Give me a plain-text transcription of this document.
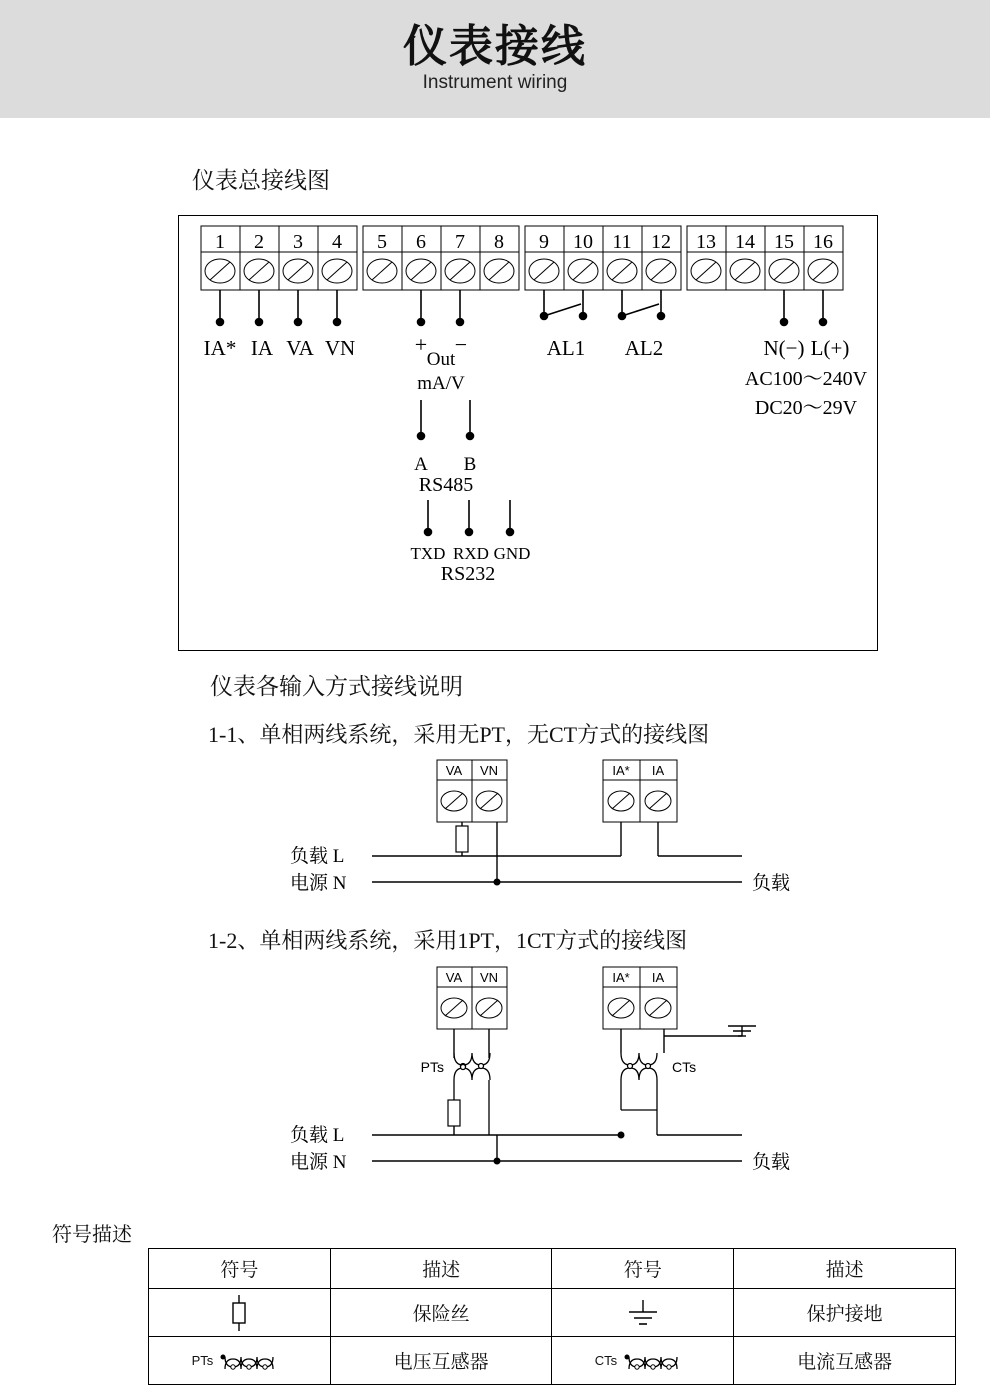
仪表接线
Instrument wiring
仪表总接线图
仪表各输入方式接线说明
1-1、单相两线系统，采用无PT，无CT方式的接线图
1-2、单相两线系统，采用1PT，1CT方式的接线图
符号描述
1 2 3 4 5 6 7 8 9 10 11 12 13 14 15 16
IA* IA VA VN	+ −
Out
mA/V
AL1 AL2	N(−) L(+)
AC100～240V
DC20～29V
A B
RS485
TXD RXD GND
RS232
VA VN	IA* IA
负载 L
电源 N	负载
VA VN	IA* IA
PTs	CTs
负载 L
电源 N	负载
符号	描述	符号	描述

	保险丝		保护接地

PTs	电压互感器	CTs	电流互感器
